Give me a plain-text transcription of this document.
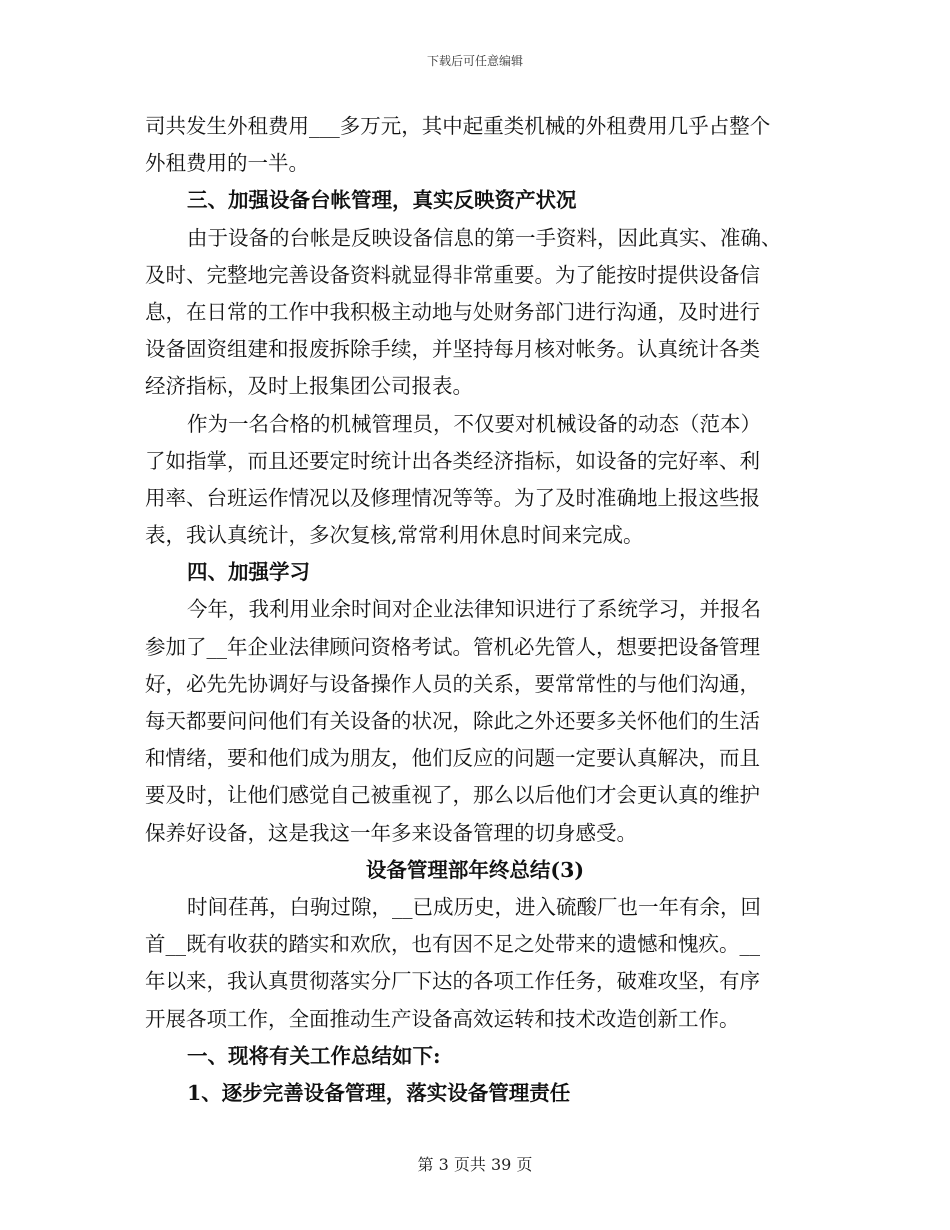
下载后可任意编辑
司共发生外租费用___多万元，其中起重类机械的外租费用几乎占整个
外租费用的一半。
三、加强设备台帐管理，真实反映资产状况
由于设备的台帐是反映设备信息的第一手资料，因此真实、准确、
及时、完整地完善设备资料就显得非常重要。为了能按时提供设备信
息，在日常的工作中我积极主动地与处财务部门进行沟通，及时进行
设备固资组建和报废拆除手续，并坚持每月核对帐务。认真统计各类
经济指标，及时上报集团公司报表。
作为一名合格的机械管理员，不仅要对机械设备的动态（范本）
了如指掌，而且还要定时统计出各类经济指标，如设备的完好率、利
用率、台班运作情况以及修理情况等等。为了及时准确地上报这些报
表，我认真统计，多次复核,常常利用休息时间来完成。
四、加强学习
今年，我利用业余时间对企业法律知识进行了系统学习，并报名
参加了__年企业法律顾问资格考试。管机必先管人，想要把设备管理
好，必先先协调好与设备操作人员的关系，要常常性的与他们沟通，
每天都要问问他们有关设备的状况，除此之外还要多关怀他们的生活
和情绪，要和他们成为朋友，他们反应的问题一定要认真解决，而且
要及时，让他们感觉自己被重视了，那么以后他们才会更认真的维护
保养好设备，这是我这一年多来设备管理的切身感受。
设备管理部年终总结(3)
时间荏苒，白驹过隙，__已成历史，进入硫酸厂也一年有余，回
首__既有收获的踏实和欢欣，也有因不足之处带来的遗憾和愧疚。__
年以来，我认真贯彻落实分厂下达的各项工作任务，破难攻坚，有序
开展各项工作，全面推动生产设备高效运转和技术改造创新工作。
一、现将有关工作总结如下:
1、逐步完善设备管理，落实设备管理责任
第 3 页共 39 页
